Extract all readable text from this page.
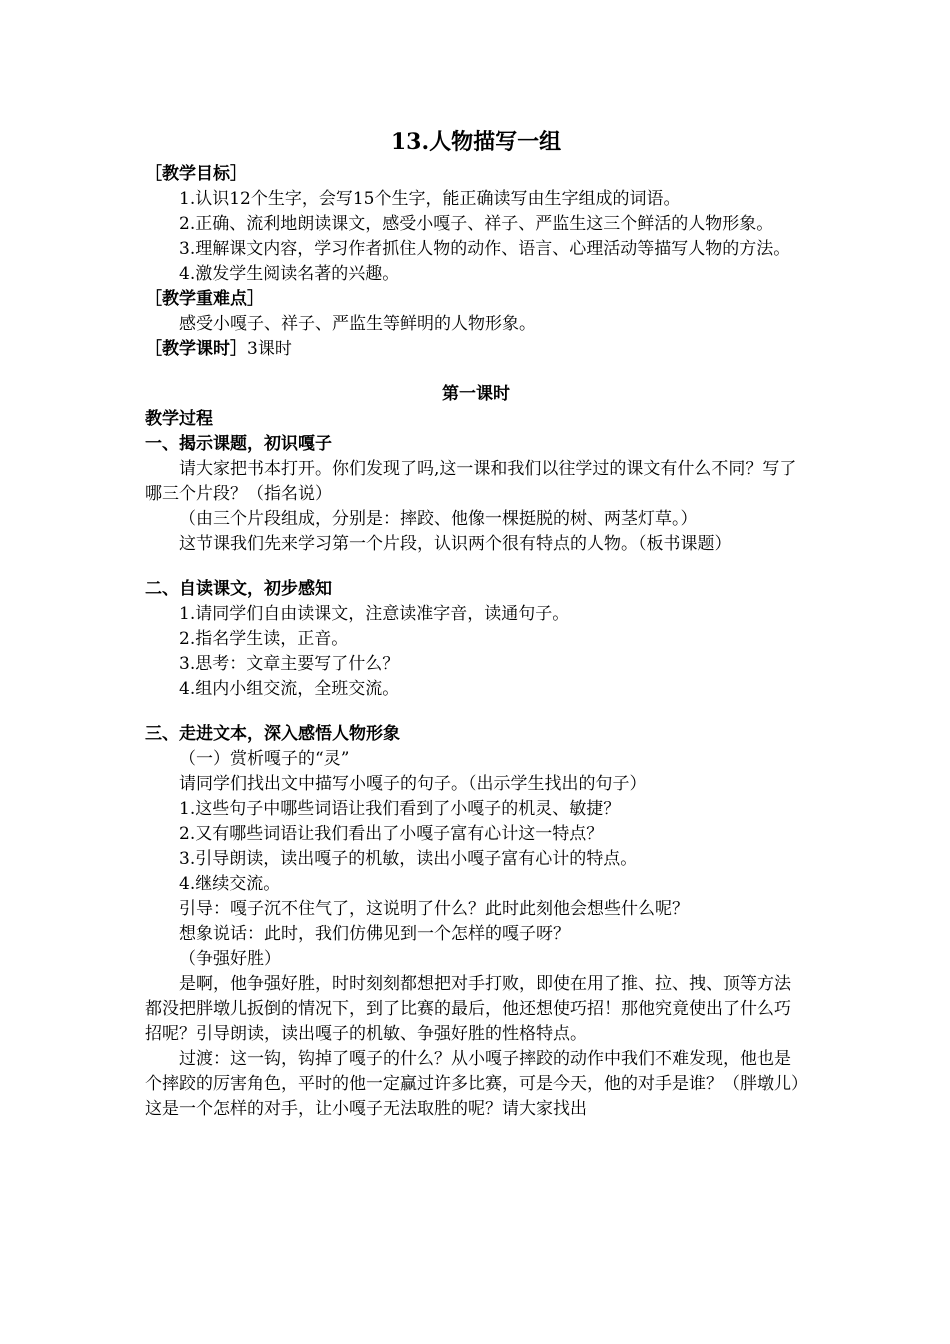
13.人物描写一组
［教学目标］
1.认识12个生字，会写15个生字，能正确读写由生字组成的词语。
2.正确、流利地朗读课文，感受小嘎子、祥子、严监生这三个鲜活的人物形象。
3.理解课文内容，学习作者抓住人物的动作、语言、心理活动等描写人物的方法。
4.激发学生阅读名著的兴趣。
［教学重难点］
感受小嘎子、祥子、严监生等鲜明的人物形象。
［教学课时］3课时
第一课时
教学过程
一、揭示课题，初识嘎子
请大家把书本打开。你们发现了吗,这一课和我们以往学过的课文有什么不同？写了哪三个片段？（指名说）
（由三个片段组成，分别是：摔跤、他像一棵挺脱的树、两茎灯草。）
这节课我们先来学习第一个片段，认识两个很有特点的人物。（板书课题）
二、自读课文，初步感知
1.请同学们自由读课文，注意读准字音，读通句子。
2.指名学生读，正音。
3.思考：文章主要写了什么？
4.组内小组交流，全班交流。
三、走进文本，深入感悟人物形象
（一）赏析嘎子的“灵”
请同学们找出文中描写小嘎子的句子。（出示学生找出的句子）
1.这些句子中哪些词语让我们看到了小嘎子的机灵、敏捷？
2.又有哪些词语让我们看出了小嘎子富有心计这一特点？
3.引导朗读，读出嘎子的机敏，读出小嘎子富有心计的特点。
4.继续交流。
引导：嘎子沉不住气了，这说明了什么？此时此刻他会想些什么呢？
想象说话：此时，我们仿佛见到一个怎样的嘎子呀？
（争强好胜）
是啊，他争强好胜，时时刻刻都想把对手打败，即使在用了推、拉、拽、顶等方法都没把胖墩儿扳倒的情况下，到了比赛的最后，他还想使巧招！那他究竟使出了什么巧招呢？引导朗读，读出嘎子的机敏、争强好胜的性格特点。
过渡：这一钩，钩掉了嘎子的什么？从小嘎子摔跤的动作中我们不难发现，他也是个摔跤的厉害角色，平时的他一定赢过许多比赛，可是今天，他的对手是谁？（胖墩儿）这是一个怎样的对手，让小嘎子无法取胜的呢？请大家找出
